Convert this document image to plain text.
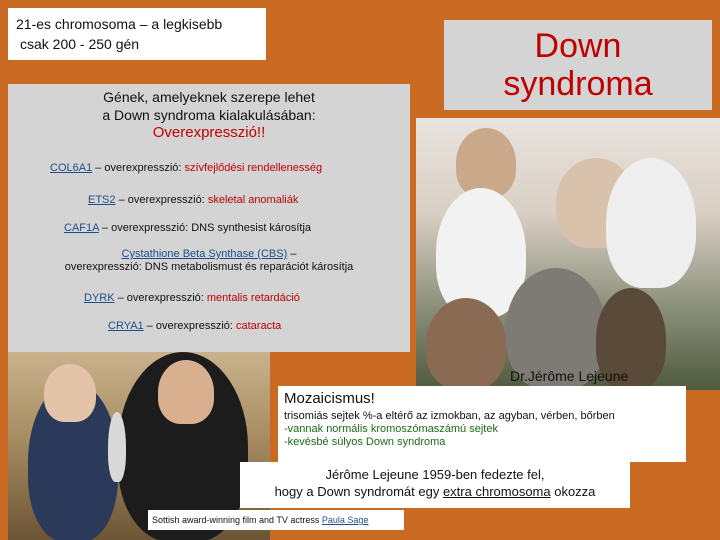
21-es chromosoma – a legkisebb
csak 200 - 250 gén	Down
syndroma
Gének, amelyeknek szerepe lehet
a Down syndroma kialakulásában:
Overexpresszió!!
COL6A1 – overexpresszió: szívfejlődési rendellenesség
ETS2 – overexpresszió: skeletal anomaliák
CAF1A – overexpresszió: DNS synthesist károsítja
Cystathione Beta Synthase (CBS) –
overexpresszió: DNS metabolismust és reparációt károsítja
DYRK – overexpresszió: mentalis retardáció
CRYA1 – overexpresszió: cataracta
Dr.Jérôme Lejeune
Mozaicismus!
trisomiás sejtek %-a eltérő az izmokban, az agyban, vérben, bőrben
-vannak normális kromoszómaszámú sejtek
-kevésbé súlyos Down syndroma
Jérôme Lejeune 1959-ben fedezte fel,
hogy a Down syndromát egy extra chromosoma okozza
Sottish award-winning film and TV actress Paula Sage
